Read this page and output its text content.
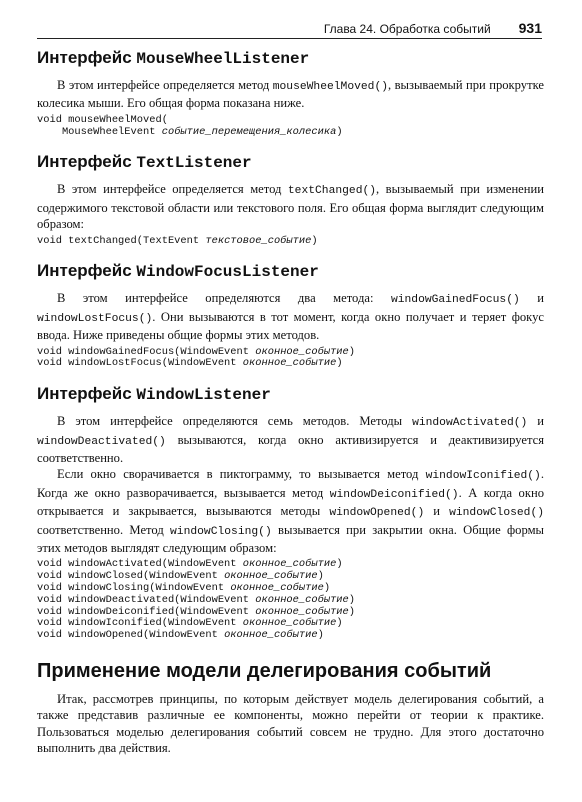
Глава 24. Обработка событий 931
Интерфейс MouseWheelListener

В этом интерфейсе определяется метод mouseWheelMoved(), вызываемый при прокрутке колесика мыши. Его общая форма показана ниже.

void mouseWheelMoved(
MouseWheelEvent событие_перемещения_колесика)
Интерфейс TextListener

В этом интерфейсе определяется метод textChanged(), вызываемый при изменении содержимого текстовой области или текстового поля. Его общая форма выглядит следующим образом:

void textChanged(TextEvent текстовое_событие)
Интерфейс WindowFocusListener

В этом интерфейсе определяются два метода: windowGainedFocus() и windowLostFocus(). Они вызываются в тот момент, когда окно получает и теряет фокус ввода. Ниже приведены общие формы этих методов.

void windowGainedFocus(WindowEvent оконное_событие)
void windowLostFocus(WindowEvent оконное_событие)
Интерфейс WindowListener

В этом интерфейсе определяются семь методов. Методы windowActivated() и windowDeactivated() вызываются, когда окно активизируется и деактивизируется соответственно.

Если окно сворачивается в пиктограмму, то вызывается метод windowIconified(). Когда же окно разворачивается, вызывается метод windowDeiconified(). А когда окно открывается и закрывается, вызываются методы windowOpened() и windowClosed() соответственно. Метод windowClosing() вызывается при закрытии окна. Общие формы этих методов выглядят следующим образом:

void windowActivated(WindowEvent оконное_событие)
void windowClosed(WindowEvent оконное_событие)
void windowClosing(WindowEvent оконное_событие)
void windowDeactivated(WindowEvent оконное_событие)
void windowDeiconified(WindowEvent оконное_событие)
void windowIconified(WindowEvent оконное_событие)
void windowOpened(WindowEvent оконное_событие)
Применение модели делегирования событий

Итак, рассмотрев принципы, по которым действует модель делегирования событий, а также представив различные ее компоненты, можно перейти от теории к практике. Пользоваться моделью делегирования событий совсем не трудно. Для этого достаточно выполнить два действия.
